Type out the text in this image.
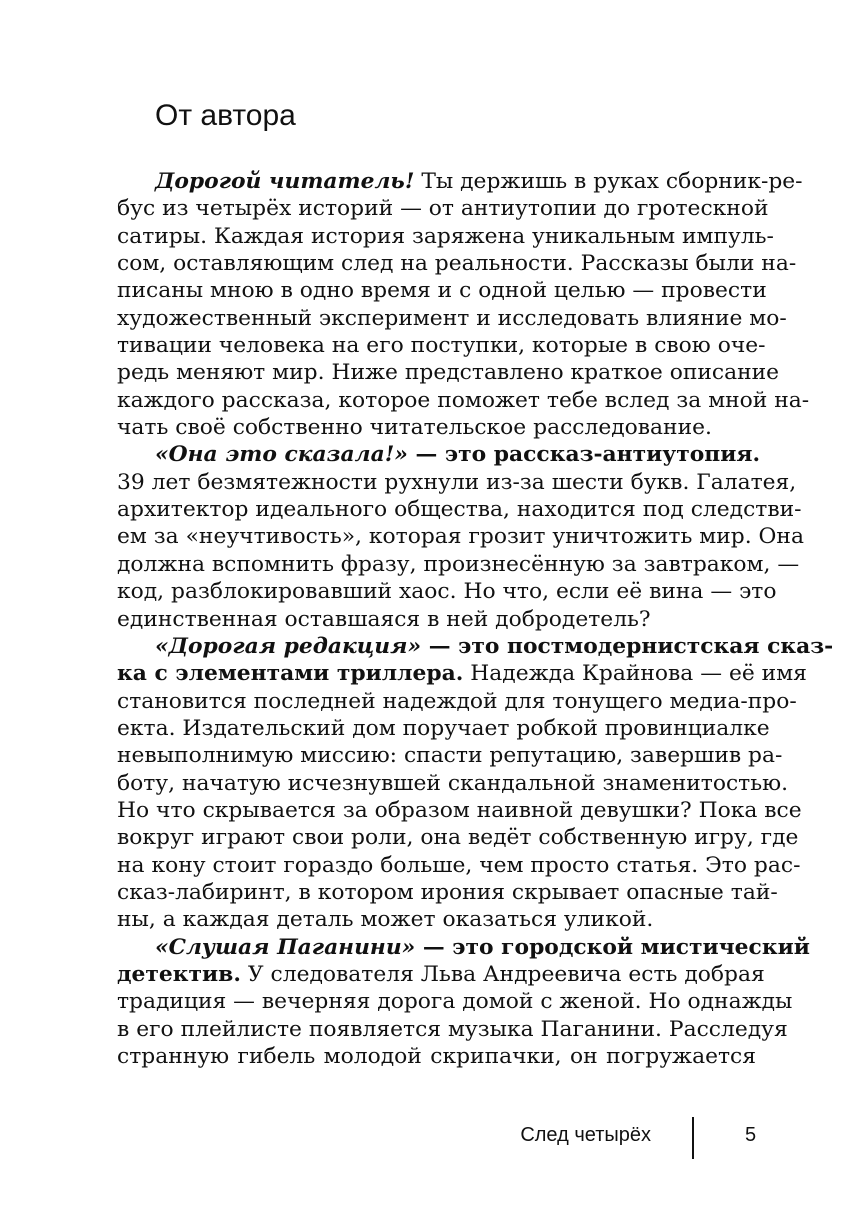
От автора
Дорогой читатель! Ты держишь в руках сборник-ре-
бус из четырёх историй — от антиутопии до гротескной
сатиры. Каждая история заряжена уникальным импуль-
сом, оставляющим след на реальности. Рассказы были на-
писаны мною в одно время и с одной целью — провести
художественный эксперимент и исследовать влияние мо-
тивации человека на его поступки, которые в свою оче-
редь меняют мир. Ниже представлено краткое описание
каждого рассказа, которое поможет тебе вслед за мной на-
чать своё собственно читательское расследование.
«Она это сказала!» — это рассказ-антиутопия.
39 лет безмятежности рухнули из-за шести букв. Галатея,
архитектор идеального общества, находится под следстви-
ем за «неучтивость», которая грозит уничтожить мир. Она
должна вспомнить фразу, произнесённую за завтраком, —
код, разблокировавший хаос. Но что, если её вина — это
единственная оставшаяся в ней добродетель?
«Дорогая редакция» — это постмодернистская сказ-
ка с элементами триллера. Надежда Крайнова — её имя
становится последней надеждой для тонущего медиа-про-
екта. Издательский дом поручает робкой провинциалке
невыполнимую миссию: спасти репутацию, завершив ра-
боту, начатую исчезнувшей скандальной знаменитостью.
Но что скрывается за образом наивной девушки? Пока все
вокруг играют свои роли, она ведёт собственную игру, где
на кону стоит гораздо больше, чем просто статья. Это рас-
сказ-лабиринт, в котором ирония скрывает опасные тай-
ны, а каждая деталь может оказаться уликой.
«Слушая Паганини» — это городской мистический
детектив. У следователя Льва Андреевича есть добрая
традиция — вечерняя дорога домой с женой. Но однажды
в его плейлисте появляется музыка Паганини. Расследуя
странную гибель молодой скрипачки, он погружается
След четырёх	5
